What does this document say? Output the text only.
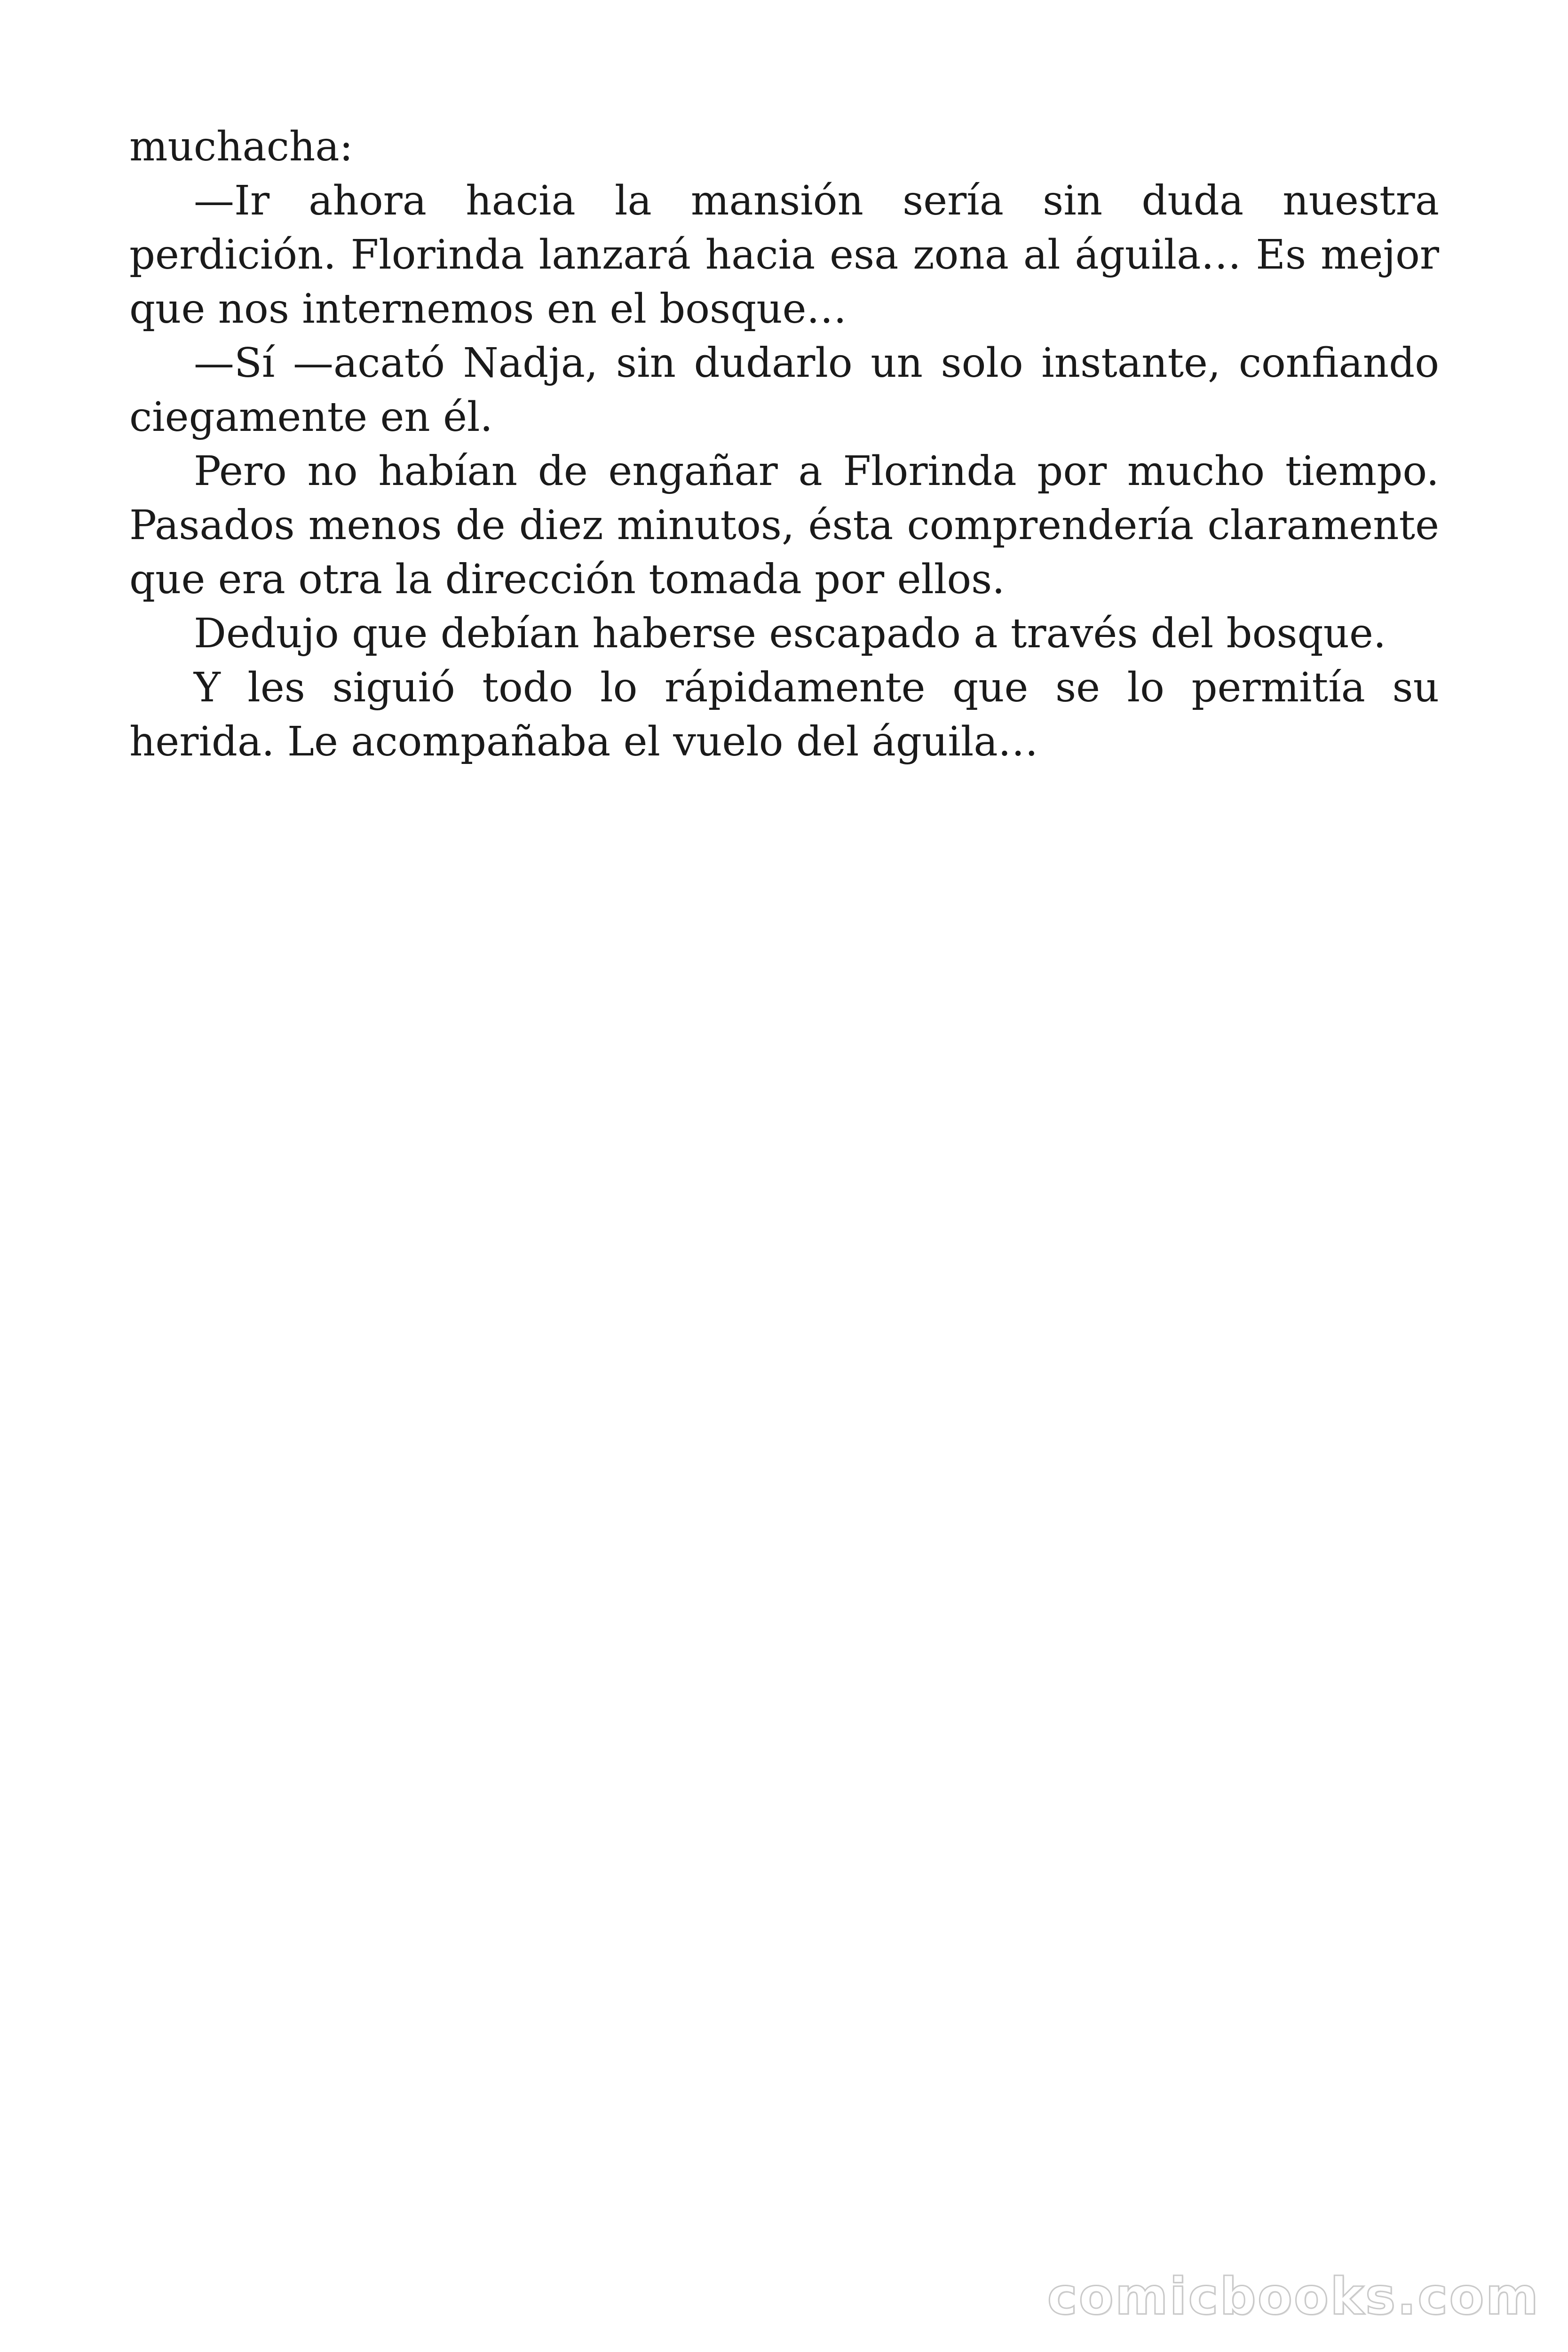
muchacha:

—Ir ahora hacia la mansión sería sin duda nuestra perdición. Florinda lanzará hacia esa zona al águila… Es mejor que nos internemos en el bosque…

—Sí —acató Nadja, sin dudarlo un solo instante, confiando ciegamente en él.

Pero no habían de engañar a Florinda por mucho tiempo. Pasados menos de diez minutos, ésta comprendería claramente que era otra la dirección tomada por ellos.

Dedujo que debían haberse escapado a través del bosque.

Y les siguió todo lo rápidamente que se lo permitía su herida. Le acompañaba el vuelo del águila…

comicbooks.com
